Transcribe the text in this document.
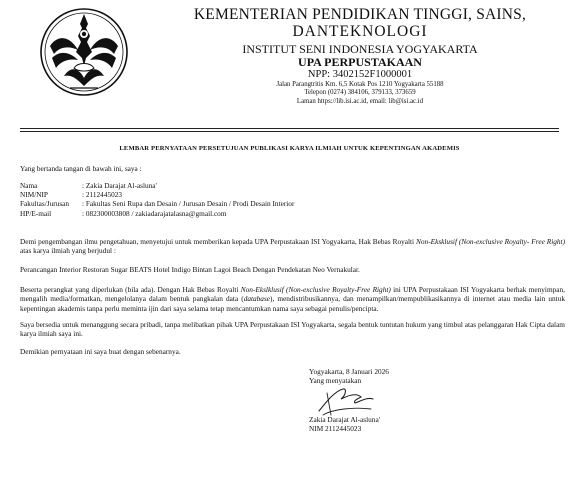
KEMENTERIAN PENDIDIKAN TINGGI, SAINS,
DANTEKNOLOGI
INSTITUT SENI INDONESIA YOGYAKARTA
UPA PERPUSTAKAAN
NPP: 3402152F1000001
Jalan Parangtritis Km. 6,5 Kotak Pos 1210 Yogyakarta 55188
Telepon (0274) 384106, 379133, 373659
Laman https://lib.isi.ac.id, email: lib@isi.ac.id
LEMBAR PERNYATAAN PERSETUJUAN PUBLIKASI KARYA ILMIAH UNTUK KEPENTINGAN AKADEMIS
Yang bertanda tangan di bawah ini, saya :
Nama	: Zakia Darajat Al-asluna'
NIM/NIP	: 2112445023
Fakultas/Jurusan	: Fakultas Seni Rupa dan Desain / Jurusan Desain / Prodi Desain Interior
HP/E-mail	: 082300003808 / zakiadarajatalasna@gmail.com
Demi pengembangan ilmu pengetahuan, menyetujui untuk memberikan kepada UPA Perpustakaan ISI Yogyakarta, Hak Bebas Royalti Non-Eksklusif (Non-exclusive Royalty- Free Right) atas karya ilmiah yang berjudul :
Perancangan Interior Restoran Sugar BEATS Hotel Indigo Bintan Lagoi Beach Dengan Pendekatan Neo Vernakular.
Beserta perangkat yang diperlukan (bila ada). Dengan Hak Bebas Royalti Non-Ekslklusif (Non-exclusive Royalty-Free Right) ini UPA Perpustakaan ISI Yogyakarta berhak menyimpan, mengalih media/formatkan, mengelolanya dalam bentuk pangkalan data (database), mendistribusikannya, dan menampilkan/mempublikasikannya di internet atau media lain untuk kepentingan akademis tanpa perlu meminta ijin dari saya selama tetap mencantumkan nama saya sebagai penulis/pencipta.
Saya bersedia untuk menanggung secara pribadi, tanpa melibatkan pihak UPA Perpustakaan ISI Yogyakarta, segala bentuk tuntutan hukum yang timbul atas pelanggaran Hak Cipta dalam karya ilmiah saya ini.
Demikian pernyataan ini saya buat dengan sebenarnya.
Yogyakarta, 8 Januari 2026
Yang menyatakan
Zakia Darajat Al-asluna'
NIM 2112445023
